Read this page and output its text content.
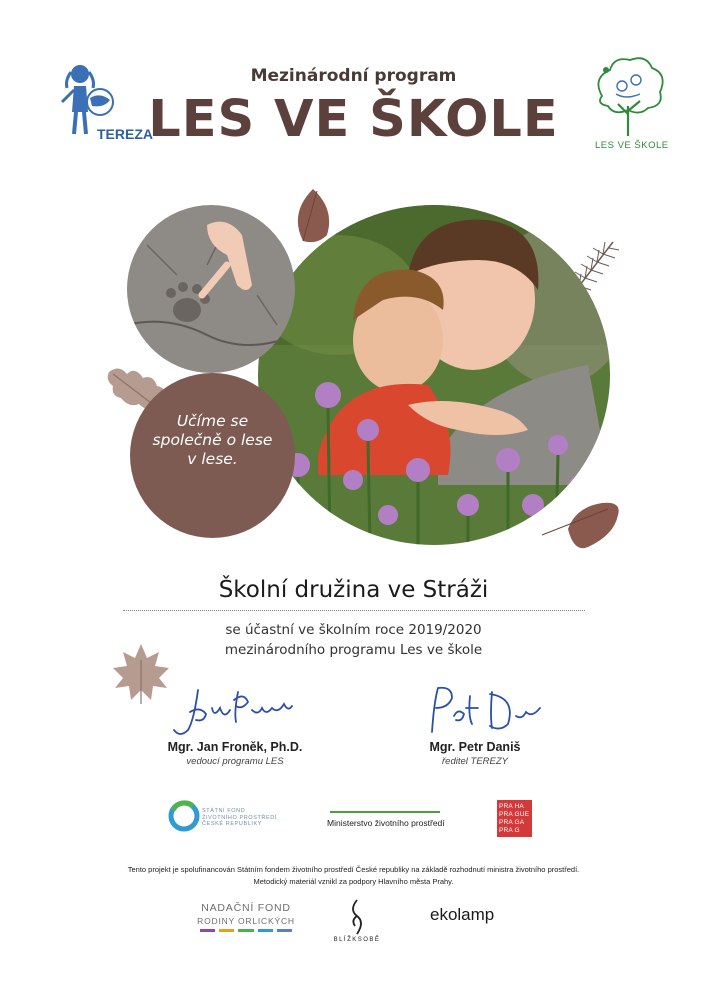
TEREZA
Mezinárodní program
LES VE ŠKOLE	LES VE ŠKOLE
Učíme se
společně o lese
v lese.
Školní družina ve Stráži
se účastní ve školním roce 2019/2020
mezinárodního programu Les ve škole
Mgr. Jan Froněk, Ph.D.
vedoucí programu LES
Mgr. Petr Daniš
ředitel TEREZY
STÁTNÍ FOND
ŽIVOTNÍHO PROSTŘEDÍ
ČESKÉ REPUBLIKY	Ministerstvo životního prostředí
PRA HA
PRA GUE
PRA GA
PRA G
Tento projekt je spolufinancován Státním fondem životního prostředí České republiky na základě rozhodnutí ministra životního prostředí.
Metodický materiál vznikl za podpory Hlavního města Prahy.
NADAČNÍ FOND
RODINY ORLICKÝCH
BLÍŽKSOBĚ
ekolamp
